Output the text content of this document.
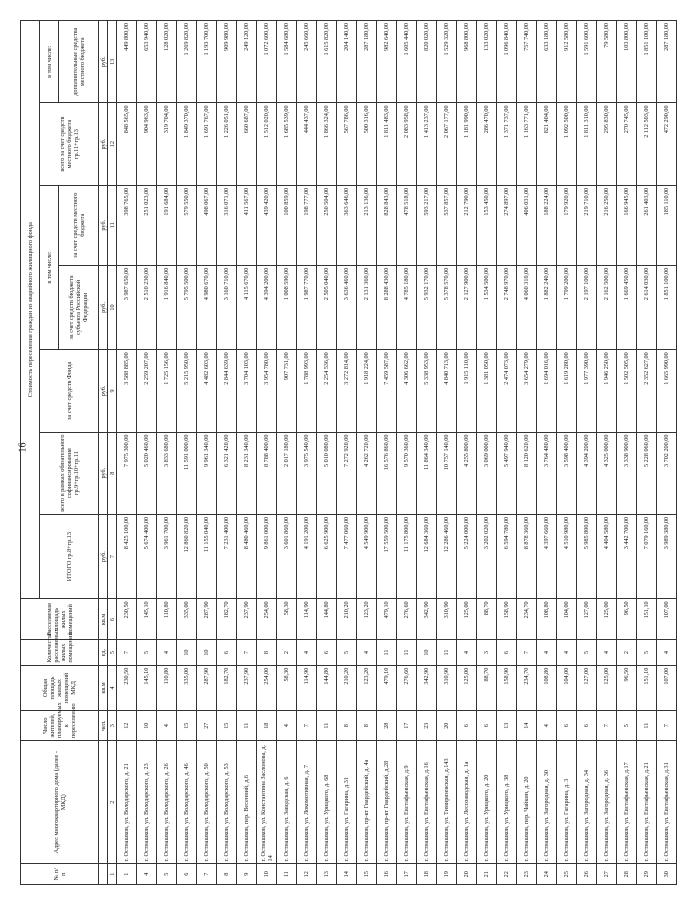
16
№ п/п	Адрес многоквартирного дома (далее - МКД)	Число жителей, планируемых к переселению	Общая площадь жилых помещений МКД	Количество расселяемых жилых помещений	Расселяемая площадь жилых помещений	Стоимость переселения граждан из аварийного жилищного фонда						
						ИТОГО гр.8+гр.13	всего в рамках обязательного софинансирования гр.9+гр.10+гр.11	за счет средств Фонда	в том числе:		всего за счет средств местного бюджета гр.11+гр.13	в том числе:
									за счет средств бюджета субъекта Российской Федерации	за счет средств местного бюджета		дополнительные средства местного бюджета
		чел.	кв.м	ед.	кв.м	руб.	руб.	руб.	руб.	руб.	руб.	руб.
1	2	3	4	5	6	7	8	9	10	11	12	13
1	г. Остиашков, ул. Володарского, д. 21	12	230,50	7	230,50	8 425 100,00	7 975 300,00	3 588 885,00	3 987 650,00	398 765,00	848 565,00	449 800,00
4	г. Остиашков, ул. Володарского, д. 23	10	145,10	5	145,10	5 674 400,00	5 020 460,00	2 259 207,00	2 510 230,00	251 023,00	904 963,00	653 940,00
5	г. Остиашков, ул. Володарского, д. 26	4	110,80	4	110,80	3 961 700,00	3 833 680,00	1 725 156,00	1 916 840,00	191 684,00	319 704,00	128 020,00
6	г. Остиашков, ул. Володарского, д. 46	15	335,00	10	335,00	12 860 820,00	11 591 000,00	5 215 950,00	5 795 500,00	579 550,00	1 849 370,00	1 269 820,00
7	г. Остиашков, ул. Володарского, д. 50	27	287,90	10	287,90	11 155 040,00	9 961 340,00	4 482 603,00	4 980 670,00	498 067,00	1 691 767,00	1 193 700,00
8	г. Остиашков, ул. Володарского, д. 53	15	182,70	6	182,70	7 231 400,00	6 321 420,00	2 844 639,00	3 160 710,00	316 071,00	1 226 051,00	909 980,00
9	г. Остиашков, пер. Весенний, д.6	11	237,90	7	237,90	8 480 460,00	8 231 340,00	3 704 103,00	4 115 670,00	411 567,00	660 687,00	249 120,00
10	г. Остиашков, ул. Константина Заслонова, д. 14	18	254,00	8	254,00	9 861 000,00	8 788 400,00	3 954 780,00	4 394 200,00	439 420,00	1 512 020,00	1 072 600,00
11	г. Остиашков, ул. Заводская, д. 6	4	58,30	2	58,30	3 601 860,00	2 017 180,00	907 731,00	1 008 590,00	100 859,00	1 685 539,00	1 584 680,00
12	г. Остиашков, ул. Локомотивная, д. 7	7	114,90	4	114,90	4 191 200,00	3 975 540,00	1 788 993,00	1 987 770,00	198 777,00	444 437,00	245 660,00
13	г. Остиашков, ул. Урицкого, д. 68	11	144,80	6	144,80	6 625 900,00	5 010 080,00	2 254 536,00	2 505 040,00	250 504,00	1 866 324,00	1 615 820,00
14	г. Остиашков, ул. Гагарина, д.31	8	210,20	5	210,20	7 477 060,00	7 272 920,00	3 272 814,00	3 636 460,00	363 646,00	567 786,00	204 140,00
15	г. Остиашков, пр-кт Гвардейский, д. 4а	8	123,20	4	123,20	4 549 900,00	4 262 720,00	1 918 224,00	2 131 360,00	213 136,00	500 316,00	287 180,00
16	г. Остиашков, пр-кт Гвардейский, д.28	28	479,10	11	479,10	17 559 500,00	16 576 860,00	7 459 587,00	8 288 430,00	828 843,00	1 811 483,00	982 640,00
17	г. Остиашков, ул. Евстафьевская, д.9	17	276,60	11	276,60	11 175 800,00	9 570 360,00	4 306 662,00	4 785 180,00	478 518,00	2 083 958,00	1 605 440,00
18	г. Остиашков, ул. Евстафьевская, д.16	23	342,90	10	342,90	12 684 360,00	11 864 340,00	5 338 953,00	5 932 170,00	593 217,00	1 413 237,00	820 020,00
19	г. Остиашков, ул. Тимирязевская, д.143	20	310,90	11	310,90	12 286 460,00	10 757 140,00	4 840 713,00	5 378 570,00	537 857,00	2 067 177,00	1 529 320,00
20	г. Остиашков, ул. Лесозаводская, д. 1а	6	125,00	4	125,00	5 224 000,00	4 255 800,00	1 915 110,00	2 127 900,00	212 790,00	1 181 990,00	968 800,00
21	г. Остиашков, ул. Урицкого, д. 20	6	88,70	3	88,70	3 202 020,00	3 069 000,00	1 381 050,00	1 534 500,00	153 450,00	286 470,00	133 020,00
22	г. Остиашков, ул. Урицкого, д. 38	13	158,90	6	158,90	6 594 780,00	5 497 940,00	2 474 073,00	2 748 970,00	274 897,00	1 371 737,00	1 096 840,00
23	г. Остиашков, пер. Чайкин, д. 20	14	234,70	7	234,70	8 878 360,00	8 120 620,00	3 654 279,00	4 060 310,00	406 031,00	1 163 771,00	757 740,00
24	г. Остиашков, ул. Загородная, д. 30	4	108,80	4	108,80	4 397 660,00	3 764 480,00	1 694 016,00	1 882 240,00	188 224,00	821 404,00	633 180,00
25	г. Остиашков, ул. Гагарина, д. 3	6	104,00	4	104,00	4 510 980,00	3 598 400,00	1 619 280,00	1 799 200,00	179 920,00	1 092 500,00	912 580,00
26	г. Остиашков, ул. Загородная, д. 34	6	127,00	5	127,00	5 985 800,00	4 394 200,00	1 977 390,00	2 197 100,00	219 710,00	1 811 310,00	1 591 600,00
27	г. Остиашков, ул. Загородная, д. 36	7	125,00	4	125,00	4 404 580,00	4 325 000,00	1 946 250,00	2 162 500,00	216 250,00	295 830,00	79 580,00
28	г. Остиашков, ул. Евстафьевская, д.17	5	96,50	2	96,50	3 442 700,00	3 338 900,00	1 502 505,00	1 669 450,00	166 945,00	270 745,00	103 800,00
29	г. Остиашков, ул. Евстафьевская, д.21	11	151,10	5	151,10	7 079 160,00	5 228 060,00	2 352 627,00	2 614 030,00	261 403,00	2 112 503,00	1 851 100,00
30	г. Остиашков, ул. Евстафьевская, д.31	7	107,00	4	107,00	3 989 380,00	3 702 200,00	1 665 990,00	1 851 100,00	185 110,00	472 290,00	287 180,00
